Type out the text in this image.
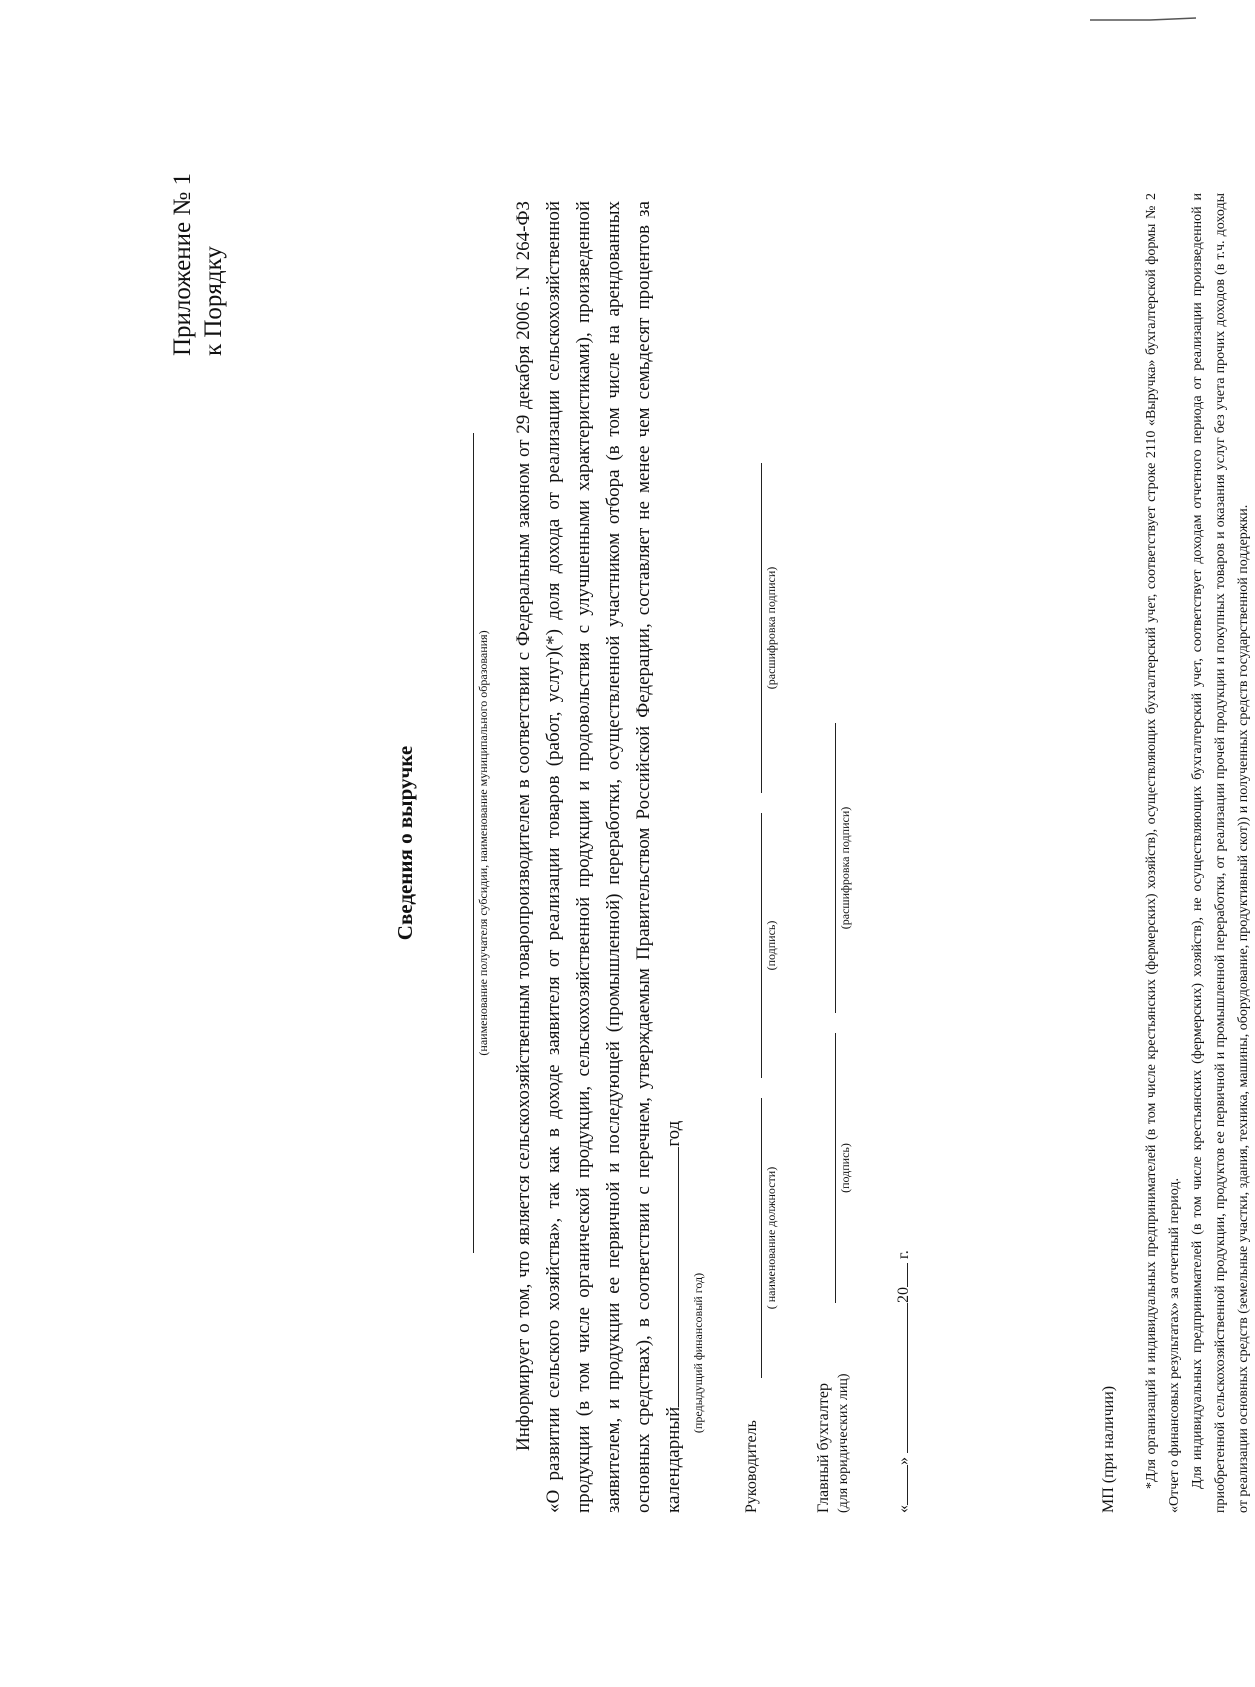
Приложение № 1 к Порядку
Сведения о выручке	(наименование получателя субсидии, наименование муниципального образования) Информирует о том, что является сельскохозяйственным товаропроизводителем в соответствии с Федеральным законом от 29 декабря 2006 г. N 264-ФЗ «О развитии сельского хозяйства», так как в доходе заявителя от реализации товаров (работ, услуг)(*) доля дохода от реализации сельскохозяйственной продукции (в том числе органической продукции, сельскохозяйственной продукции и продовольствия с улучшенными характеристиками), произведенной заявителем, и продукции ее первичной и последующей (промышленной) переработки, осуществленной участником отбора (в том числе на арендованных основных средствах), в соответствии с перечнем, утверждаемым Правительством Российской Федерации, составляет не менее чем семьдесят процентов за календарныйгод
(предыдущий финансовый год)
Руководитель
( наименование должности)
(подпись)
(расшифровка подписи)
Главный бухгалтер (для юридических лиц)
(подпись)
(расшифровка подписи)
«» 20 г.
МП (при наличии) *Для организаций и индивидуальных предпринимателей (в том числе крестьянских (фермерских) хозяйств), осуществляющих бухгалтерский учет, соответствует строке 2110 «Выручка» бухгалтерской формы № 2 «Отчет о финансовых результатах» за отчетный период. Для индивидуальных предпринимателей (в том числе крестьянских (фермерских) хозяйств), не осуществляющих бухгалтерский учет, соответствует доходам отчетного периода от реализации произведенной и приобретенной сельскохозяйственной продукции, продуктов ее первичной и промышленной переработки, от реализации прочей продукции и покупных товаров и оказания услуг без учета прочих доходов (в т.ч. доходы от реализации основных средств (земельные участки, здания, техника, машины, оборудование, продуктивный скот)) и полученных средств государственной поддержки.
